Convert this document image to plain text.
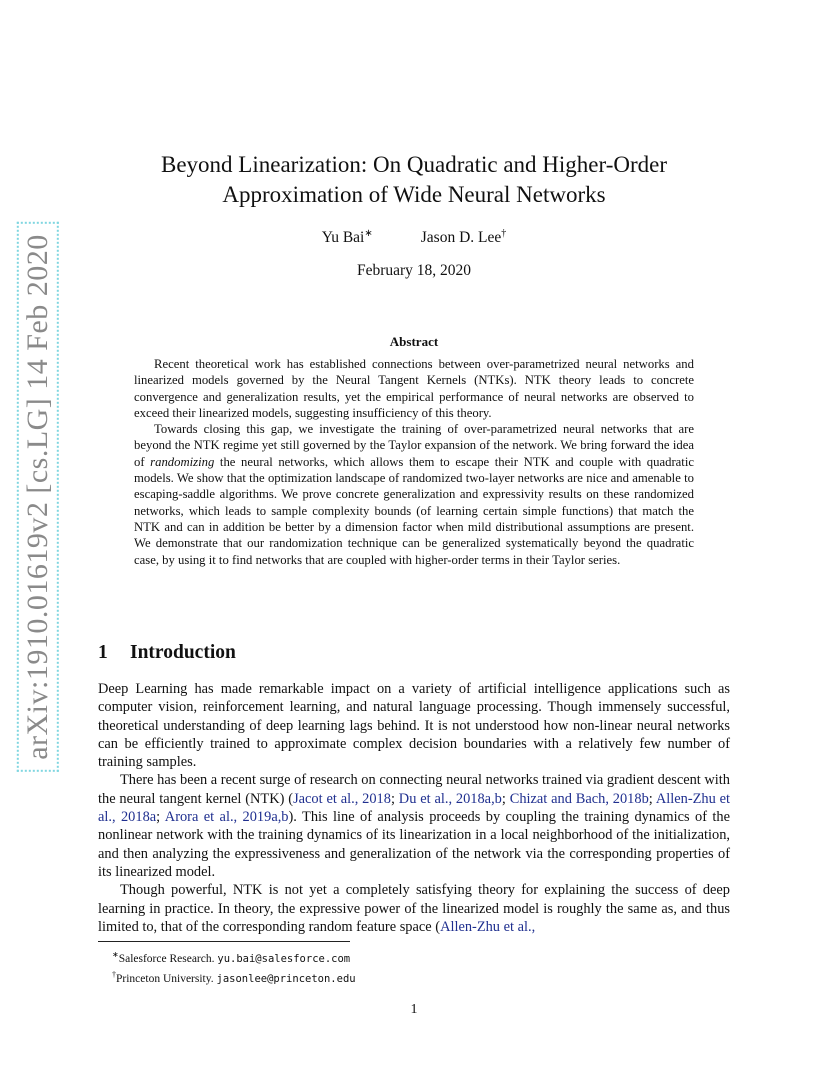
arXiv:1910.01619v2 [cs.LG] 14 Feb 2020
Beyond Linearization: On Quadratic and Higher-Order
Approximation of Wide Neural Networks
Yu Bai∗	Jason D. Lee†
February 18, 2020
Abstract

Recent theoretical work has established connections between over-parametrized neural networks and linearized models governed by the Neural Tangent Kernels (NTKs). NTK theory leads to concrete convergence and generalization results, yet the empirical performance of neural networks are observed to exceed their linearized models, suggesting insufficiency of this theory.

Towards closing this gap, we investigate the training of over-parametrized neural networks that are beyond the NTK regime yet still governed by the Taylor expansion of the network. We bring forward the idea of randomizing the neural networks, which allows them to escape their NTK and couple with quadratic models. We show that the optimization landscape of randomized two-layer networks are nice and amenable to escaping-saddle algorithms. We prove concrete generalization and expressivity results on these randomized networks, which leads to sample complexity bounds (of learning certain simple functions) that match the NTK and can in addition be better by a dimension factor when mild distributional assumptions are present. We demonstrate that our randomization technique can be generalized systematically beyond the quadratic case, by using it to find networks that are coupled with higher-order terms in their Taylor series.

1 Introduction

Deep Learning has made remarkable impact on a variety of artificial intelligence applications such as computer vision, reinforcement learning, and natural language processing. Though immensely successful, theoretical understanding of deep learning lags behind. It is not understood how non-linear neural networks can be efficiently trained to approximate complex decision boundaries with a relatively few number of training samples.

There has been a recent surge of research on connecting neural networks trained via gradient descent with the neural tangent kernel (NTK) (Jacot et al., 2018; Du et al., 2018a,b; Chizat and Bach, 2018b; Allen-Zhu et al., 2018a; Arora et al., 2019a,b). This line of analysis proceeds by coupling the training dynamics of the nonlinear network with the training dynamics of its linearization in a local neighborhood of the initialization, and then analyzing the expressiveness and generalization of the network via the corresponding properties of its linearized model.

Though powerful, NTK is not yet a completely satisfying theory for explaining the success of deep learning in practice. In theory, the expressive power of the linearized model is roughly the same as, and thus limited to, that of the corresponding random feature space (Allen-Zhu et al.,

∗Salesforce Research. yu.bai@salesforce.com
†Princeton University. jasonlee@princeton.edu
1
